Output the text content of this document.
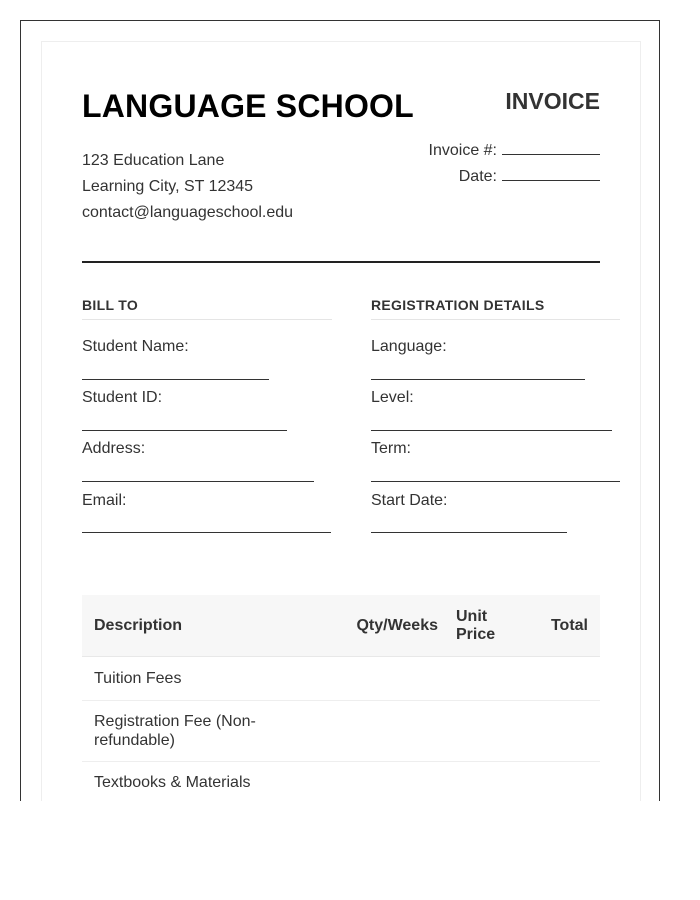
LANGUAGE SCHOOL	INVOICE
123 Education Lane
Learning City, ST 12345
contact@languageschool.edu
Invoice #:
Date:
BILL TO
Student Name:
Student ID:
Address:
Email:
REGISTRATION DETAILS
Language:
Level:
Term:
Start Date:
Description	Qty/Weeks	Unit Price	Total
Tuition Fees			
Registration Fee (Non-refundable)			
Textbooks & Materials			
